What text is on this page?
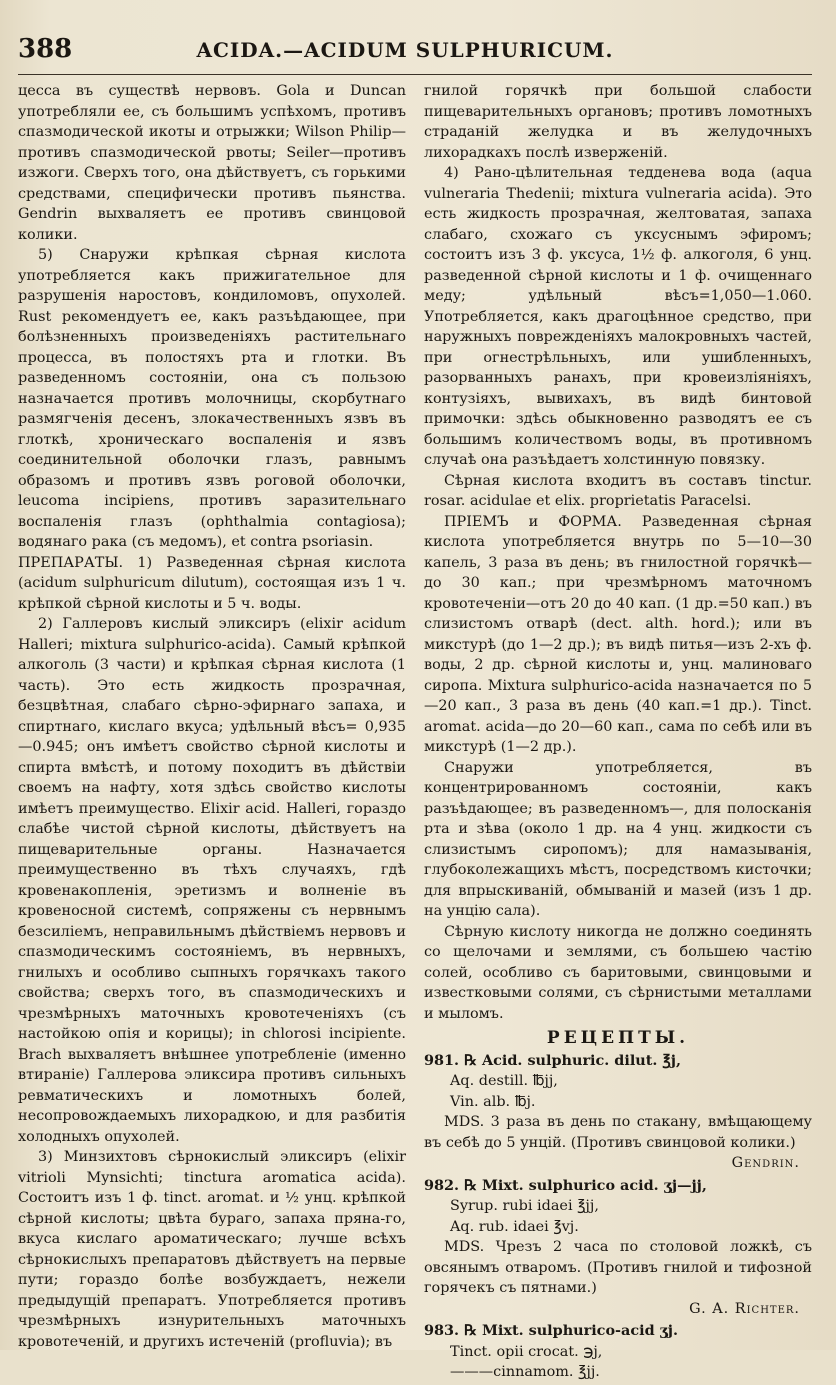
388	ACIDA.—ACIDUM SULPHURICUM.

цесса въ существѣ нервовъ. Gola и Duncan употребляли ее, съ большимъ успѣхомъ, противъ спазмодической икоты и отрыжки; Wilson Philip—противъ спазмодической рвоты; Seiler—противъ изжоги. Сверхъ того, она дѣйствуетъ, съ горькими средствами, специфически противъ пьянства. Gendrin выхваляетъ ее противъ свинцовой колики.

5) Снаружи крѣпкая сѣрная кислота употребляется какъ прижигательное для разрушенія наростовъ, кондиломовъ, опухолей. Rust рекомендуетъ ее, какъ разъѣдающее, при болѣзненныхъ произведеніяхъ растительнаго процесса, въ полостяхъ рта и глотки. Въ разведенномъ состояніи, она съ пользою назначается противъ молочницы, скорбутнаго размягченія десенъ, злокачественныхъ язвъ въ глоткѣ, хроническаго воспаленія и язвъ соединительной оболочки глазъ, равнымъ образомъ и противъ язвъ роговой оболочки, leucoma incipiens, противъ заразительнаго воспаленія глазъ (ophthalmia contagiosa); водянаго рака (съ медомъ), et contra psoriasin.

ПРЕПАРАТЫ. 1) Разведенная сѣрная кислота (acidum sulphuricum dilutum), состоящая изъ 1 ч. крѣпкой сѣрной кислоты и 5 ч. воды.

2) Галлеровъ кислый эликсиръ (elixir acidum Halleri; mixtura sulphurico-acida). Самый крѣпкой алкоголь (3 части) и крѣпкая сѣрная кислота (1 часть). Это есть жидкость прозрачная, безцвѣтная, слабаго сѣрно-эфирнаго запаха, и спиртнаго, кислаго вкуса; удѣльный вѣсъ= 0,935—0.945; онъ имѣетъ свойство сѣрной кислоты и спирта вмѣстѣ, и потому походитъ въ дѣйствіи своемъ на нафту, хотя здѣсь свойство кислоты имѣетъ преимущество. Elixir acid. Halleri, гораздо слабѣе чистой сѣрной кислоты, дѣйствуетъ на пищеварительные органы. Назначается преимущественно въ тѣхъ случаяхъ, гдѣ кровенакопленія, эретизмъ и волненіе въ кровеносной системѣ, сопряжены съ нервнымъ безсиліемъ, неправильнымъ дѣйствіемъ нервовъ и спазмодическимъ состояніемъ, въ нервныхъ, гнилыхъ и особливо сыпныхъ горячкахъ такого свойства; сверхъ того, въ спазмодическихъ и чрезмѣрныхъ маточныхъ кровотеченіяхъ (съ настойкою опія и корицы); in chlorosi incipiente. Brach выхваляетъ внѣшнее употребленіе (именно втираніе) Галлерова эликсира противъ сильныхъ ревматическихъ и ломотныхъ болей, несопровождаемыхъ лихорадкою, и для разбитія холодныхъ опухолей.

3) Минзихтовъ сѣрнокислый эликсиръ (elixir vitrioli Mynsichti; tinctura aromatica acida). Состоитъ изъ 1 ф. tinct. aromat. и ½ унц. крѣпкой сѣрной кислоты; цвѣта бураго, запаха пряна-го, вкуса кислаго ароматическаго; лучше всѣхъ сѣрнокислыхъ препаратовъ дѣйствуетъ на первые пути; гораздо болѣе возбуждаетъ, нежели предыдущій препаратъ. Употребляется противъ чрезмѣрныхъ изнурительныхъ маточныхъ кровотеченій, и другихъ истеченій (profluvia); въ

гнилой горячкѣ при большой слабости пищеварительныхъ органовъ; противъ ломотныхъ страданій желудка и въ желудочныхъ лихорадкахъ послѣ изверженій.

4) Рано-цѣлительная тедденева вода (aqua vulneraria Thedenii; mixtura vulneraria acida). Это есть жидкость прозрачная, желтоватая, запаха слабаго, схожаго съ уксуснымъ эфиромъ; состоитъ изъ 3 ф. уксуса, 1½ ф. алкоголя, 6 унц. разведенной сѣрной кислоты и 1 ф. очищеннаго меду; удѣльный вѣсъ=1,050—1.060. Употребляется, какъ драгоцѣнное средство, при наружныхъ поврежденіяхъ малокровныхъ частей, при огнестрѣльныхъ, или ушибленныхъ, разорванныхъ ранахъ, при кровеизліяніяхъ, контузіяхъ, вывихахъ, въ видѣ бинтовой примочки: здѣсь обыкновенно разводятъ ее съ большимъ количествомъ воды, въ противномъ случаѣ она разъѣдаетъ холстинную повязку.

Сѣрная кислота входитъ въ составъ tinctur. rosar. acidulae et elix. proprietatis Paracelsi.

ПРІЕМЪ и ФОРМА. Разведенная сѣрная кислота употребляется внутрь по 5—10—30 капель, 3 раза въ день; въ гнилостной горячкѣ—до 30 кап.; при чрезмѣрномъ маточномъ кровотеченіи—отъ 20 до 40 кап. (1 др.=50 кап.) въ слизистомъ отварѣ (dect. alth. hord.); или въ микстурѣ (до 1—2 др.); въ видѣ питья—изъ 2-хъ ф. воды, 2 др. сѣрной кислоты и, унц. малиноваго сиропа. Mixtura sulphurico-acida назначается по 5—20 кап., 3 раза въ день (40 кап.=1 др.). Tinct. aromat. acida—до 20—60 кап., сама по себѣ или въ микстурѣ (1—2 др.).

Снаружи употребляется, въ концентрированномъ состояніи, какъ разъѣдающее; въ разведенномъ—, для полосканія рта и зѣва (около 1 др. на 4 унц. жидкости съ слизистымъ сиропомъ); для намазыванія, глубоколежащихъ мѣстъ, посредствомъ кисточки; для впрыскиваній, обмываній и мазей (изъ 1 др. на унцію сала).

Сѣрную кислоту никогда не должно соединять со щелочами и землями, съ большею частію солей, особливо съ баритовыми, свинцовыми и известковыми солями, съ сѣрнистыми металлами и мыломъ.

РЕЦЕПТЫ.
981. ℞ Acid. sulphuric. dilut. ℥j,
Aq. destill. ℔jj,
Vin. alb. ℔j.

MDS. 3 раза въ день по стакану, вмѣщающему въ себѣ до 5 унцій. (Противъ свинцовой колики.)

Gendrin.
982. ℞ Mixt. sulphurico acid. ʒj—jj,
Syrup. rubi idaei ℥jj,
Aq. rub. idaei ℥vj.

MDS. Чрезъ 2 часа по столовой ложкѣ, съ овсянымъ отваромъ. (Противъ гнилой и тифозной горячекъ съ пятнами.)

G. A. Richter.
983. ℞ Mixt. sulphurico-acid ʒj.
Tinct. opii crocat. ℈j,
———cinnamom. ℥jj.
